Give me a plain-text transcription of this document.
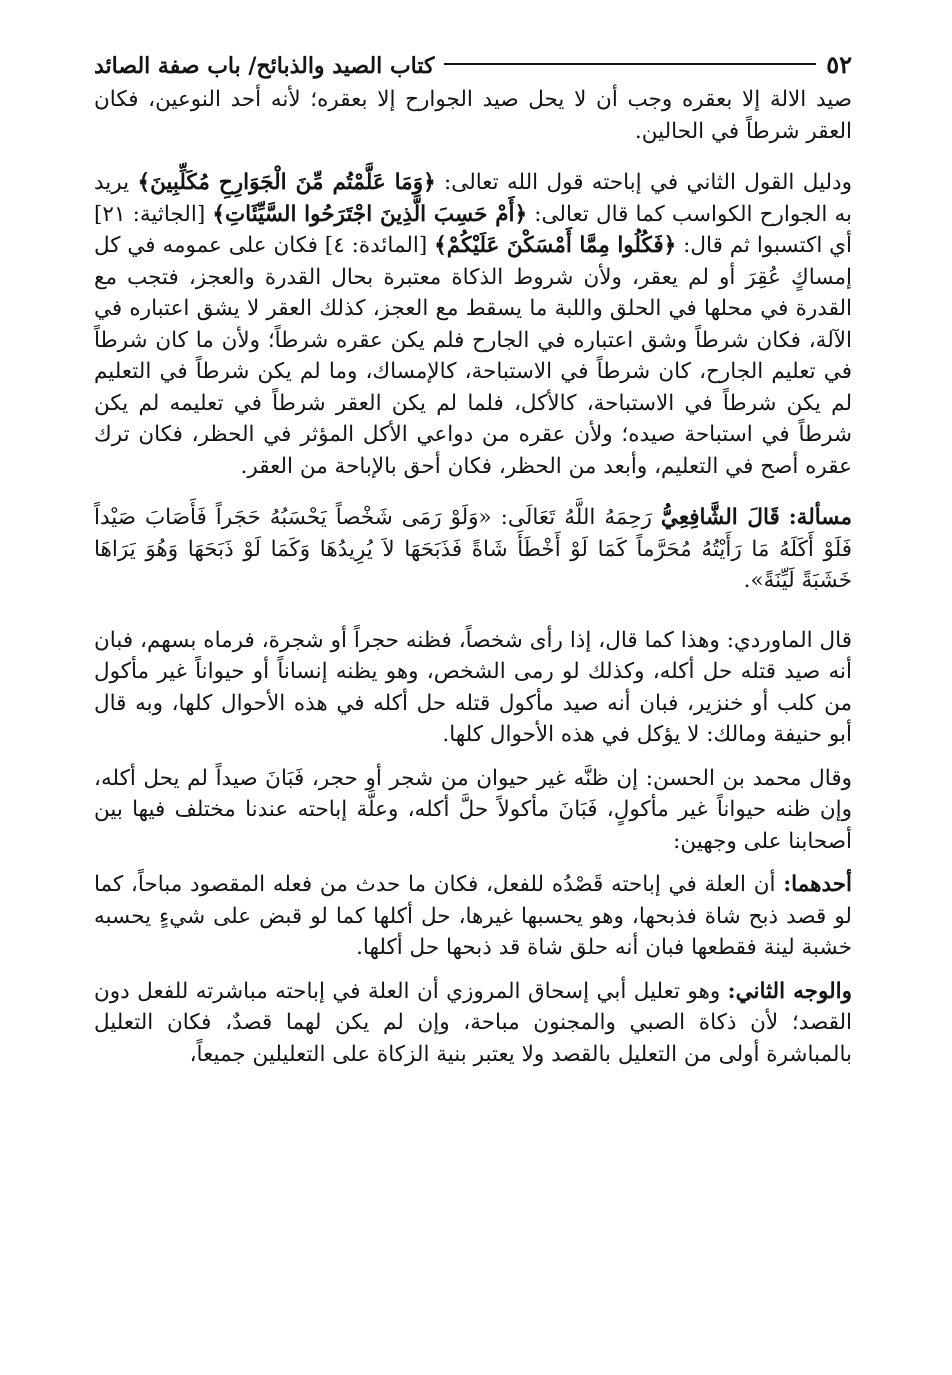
٥٢
كتاب الصيد والذبائح/ باب صفة الصائد

صيد الالة إلا بعقره وجب أن لا يحل صيد الجوارح إلا بعقره؛ لأنه أحد النوعين، فكان العقر شرطاً في الحالين.

ودليل القول الثاني في إباحته قول الله تعالى: ﴿وَمَا عَلَّمْتُم مِّنَ الْجَوَارِحِ مُكَلِّبِينَ﴾ يريد به الجوارح الكواسب كما قال تعالى: ﴿أَمْ حَسِبَ الَّذِينَ اجْتَرَحُوا السَّيِّئَاتِ﴾ [الجاثية: ٢١] أي اكتسبوا ثم قال: ﴿فَكُلُوا مِمَّا أَمْسَكْنَ عَلَيْكُمْ﴾ [المائدة: ٤] فكان على عمومه في كل إمساكٍ عُقِرَ أو لم يعقر، ولأن شروط الذكاة معتبرة بحال القدرة والعجز، فتجب مع القدرة في محلها في الحلق واللبة ما يسقط مع العجز، كذلك العقر لا يشق اعتباره في الآلة، فكان شرطاً وشق اعتباره في الجارح فلم يكن عقره شرطاً؛ ولأن ما كان شرطاً في تعليم الجارح، كان شرطاً في الاستباحة، كالإمساك، وما لم يكن شرطاً في التعليم لم يكن شرطاً في الاستباحة، كالأكل، فلما لم يكن العقر شرطاً في تعليمه لم يكن شرطاً في استباحة صيده؛ ولأن عقره من دواعي الأكل المؤثر في الحظر، فكان ترك عقره أصح في التعليم، وأبعد من الحظر، فكان أحق بالإباحة من العقر.

مسألة: قَالَ الشَّافِعِيُّ رَحِمَهُ اللَّهُ تَعَالَى: «وَلَوْ رَمَى شَخْصاً يَحْسَبُهُ حَجَراً فَأَصَابَ صَيْداً فَلَوْ أَكَلَهُ مَا رَأَيْتُهُ مُحَرَّماً كَمَا لَوْ أَخْطَأَ شَاةً فَذَبَحَهَا لاَ يُرِيدُهَا وَكَمَا لَوْ ذَبَحَهَا وَهُوَ يَرَاهَا خَشَبَةً لَيِّنَةً».

قال الماوردي: وهذا كما قال، إذا رأى شخصاً، فظنه حجراً أو شجرة، فرماه بسهم، فبان أنه صيد قتله حل أكله، وكذلك لو رمى الشخص، وهو يظنه إنساناً أو حيواناً غير مأكول من كلب أو خنزير، فبان أنه صيد مأكول قتله حل أكله في هذه الأحوال كلها، وبه قال أبو حنيفة ومالك: لا يؤكل في هذه الأحوال كلها.

وقال محمد بن الحسن: إن ظنَّه غير حيوان من شجر أو حجر، فَبَانَ صيداً لم يحل أكله، وإن ظنه حيواناً غير مأكولٍ، فَبَانَ مأكولاً حلَّ أكله، وعلَّة إباحته عندنا مختلف فيها بين أصحابنا على وجهين:

أحدهما: أن العلة في إباحته قَصْدُه للفعل، فكان ما حدث من فعله المقصود مباحاً، كما لو قصد ذبح شاة فذبحها، وهو يحسبها غيرها، حل أكلها كما لو قبض على شيءٍ يحسبه خشبة لينة فقطعها فبان أنه حلق شاة قد ذبحها حل أكلها.

والوجه الثاني: وهو تعليل أبي إسحاق المروزي أن العلة في إباحته مباشرته للفعل دون القصد؛ لأن ذكاة الصبي والمجنون مباحة، وإن لم يكن لهما قصدٌ، فكان التعليل بالمباشرة أولى من التعليل بالقصد ولا يعتبر بنية الزكاة على التعليلين جميعاً،
